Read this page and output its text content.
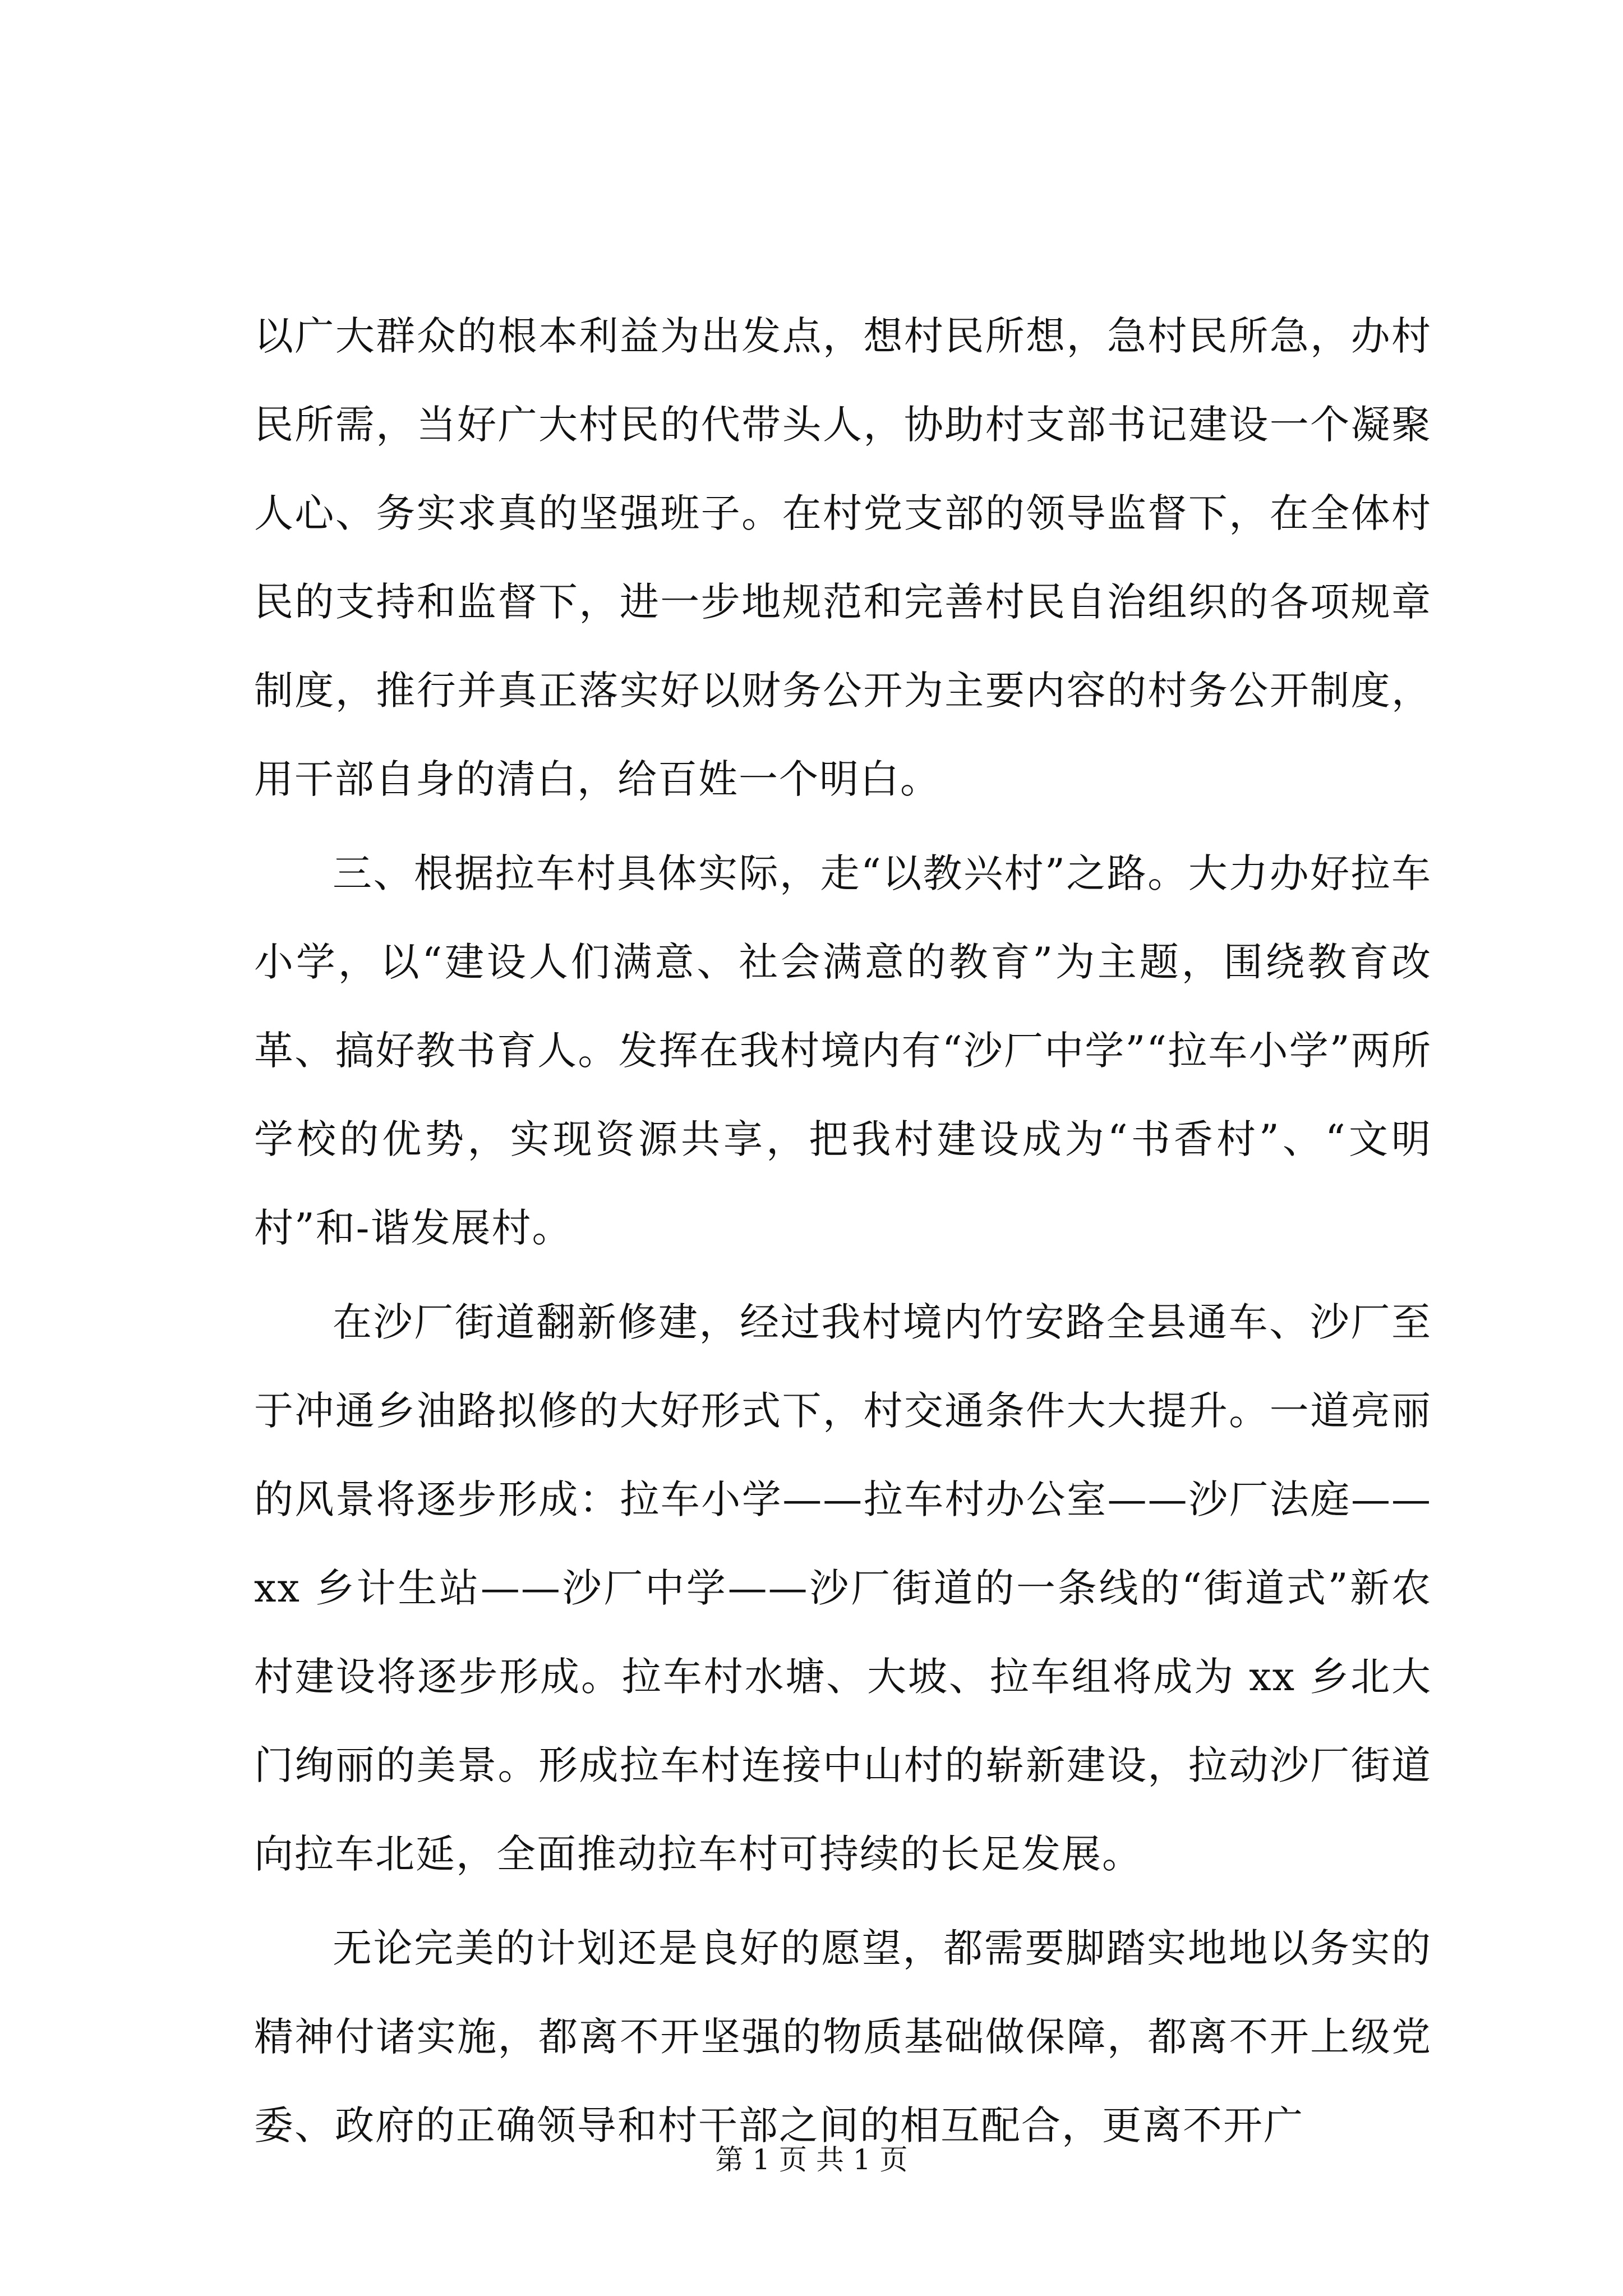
以广大群众的根本利益为出发点，想村民所想，急村民所急，办村民所需，当好广大村民的代带头人，协助村支部书记建设一个凝聚人心、务实求真的坚强班子。在村党支部的领导监督下，在全体村民的支持和监督下，进一步地规范和完善村民自治组织的各项规章制度，推行并真正落实好以财务公开为主要内容的村务公开制度，用干部自身的清白，给百姓一个明白。

三、根据拉车村具体实际，走“以教兴村”之路。大力办好拉车小学，以“建设人们满意、社会满意的教育”为主题，围绕教育改革、搞好教书育人。发挥在我村境内有“沙厂中学”“拉车小学”两所学校的优势，实现资源共享，把我村建设成为“书香村”、“文明村”和-谐发展村。

在沙厂街道翻新修建，经过我村境内竹安路全县通车、沙厂至于冲通乡油路拟修的大好形式下，村交通条件大大提升。一道亮丽的风景将逐步形成：拉车小学——拉车村办公室——沙厂法庭——xx 乡计生站——沙厂中学——沙厂街道的一条线的“街道式”新农村建设将逐步形成。拉车村水塘、大坡、拉车组将成为 xx 乡北大门绚丽的美景。形成拉车村连接中山村的崭新建设，拉动沙厂街道向拉车北延，全面推动拉车村可持续的长足发展。

无论完美的计划还是良好的愿望，都需要脚踏实地地以务实的精神付诸实施，都离不开坚强的物质基础做保障，都离不开上级党委、政府的正确领导和村干部之间的相互配合，更离不开广

第 1 页 共 1 页
